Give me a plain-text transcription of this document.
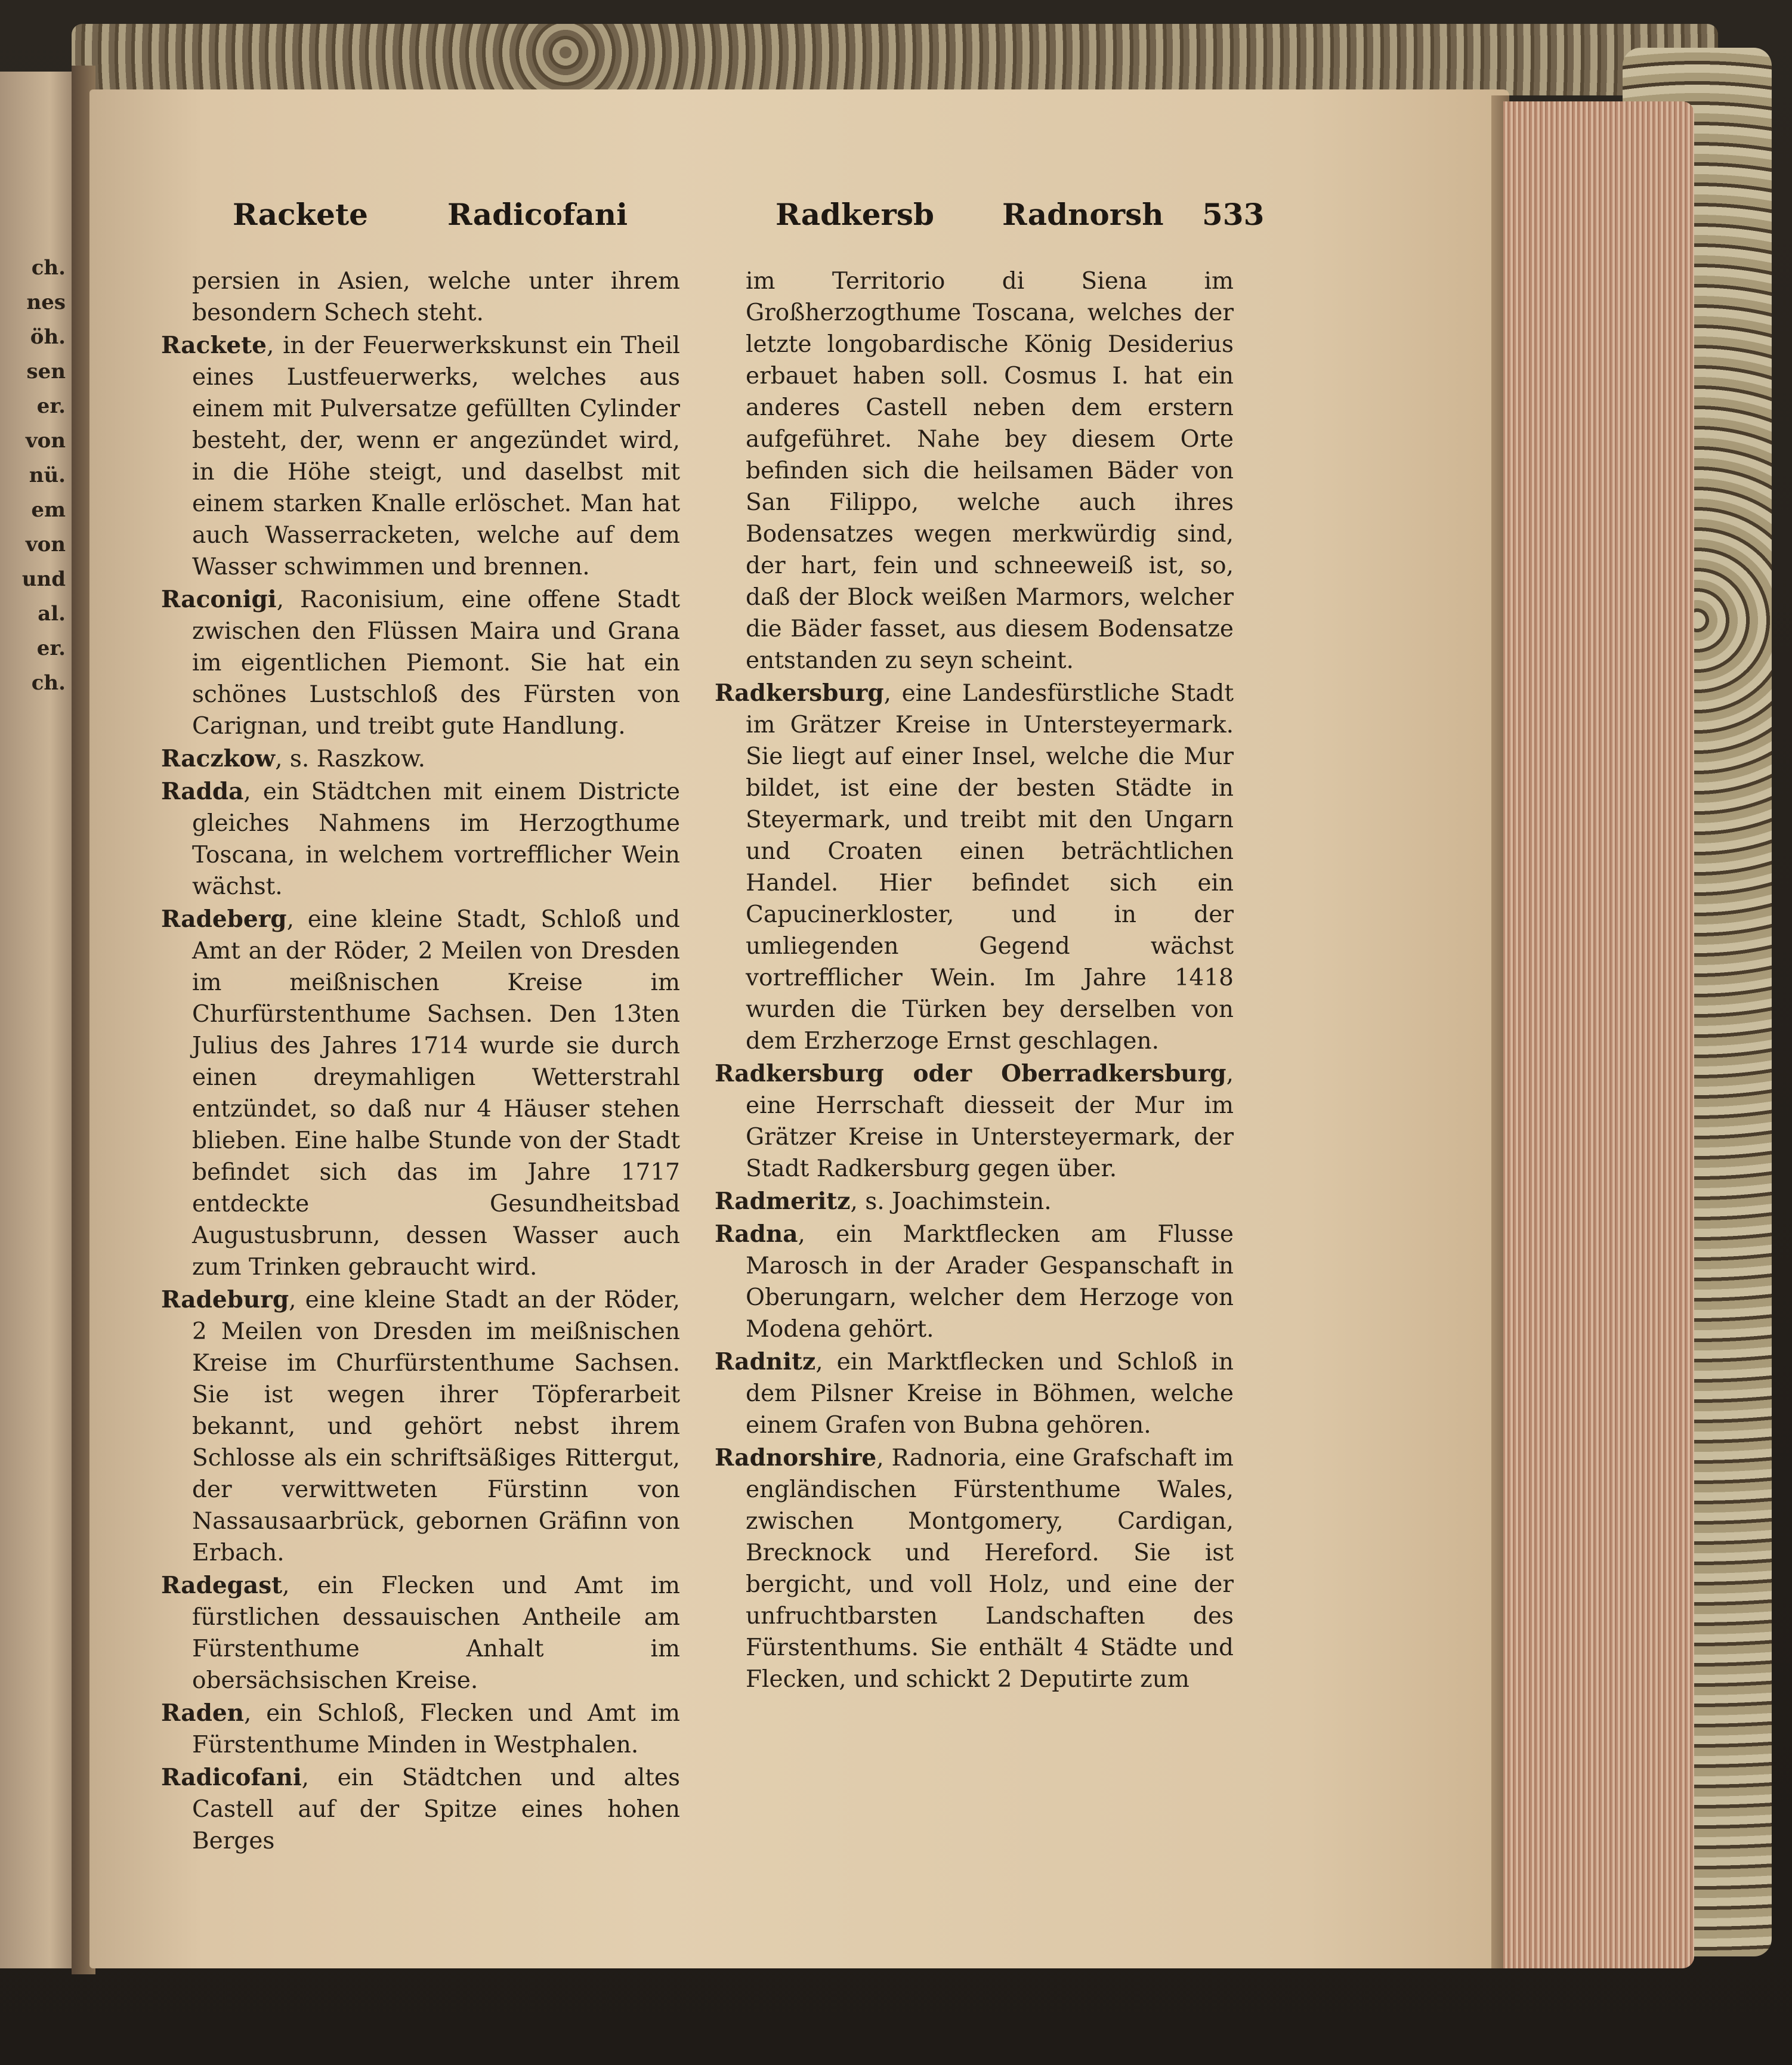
ch.
nes
öh.
sen
er.
von
nü.
em
von
und
al.
er.
ch.
Rackete	Radicofani	Radkersb Radnorsh 533
persien in Asien, welche unter ihrem besondern Schech steht.
Rackete, in der Feuerwerkskunst ein Theil eines Lustfeuerwerks, welches aus einem mit Pulversatze gefüllten Cylinder besteht, der, wenn er angezündet wird, in die Höhe steigt, und daselbst mit einem starken Knalle erlöschet. Man hat auch Wasserracketen, welche auf dem Wasser schwimmen und brennen.
Raconigi, Raconisium, eine offene Stadt zwischen den Flüssen Maira und Grana im eigentlichen Piemont. Sie hat ein schönes Lustschloß des Fürsten von Carignan, und treibt gute Handlung.
Raczkow, s. Raszkow.
Radda, ein Städtchen mit einem Districte gleiches Nahmens im Herzogthume Toscana, in welchem vortrefflicher Wein wächst.
Radeberg, eine kleine Stadt, Schloß und Amt an der Röder, 2 Meilen von Dresden im meißnischen Kreise im Churfürstenthume Sachsen. Den 13ten Julius des Jahres 1714 wurde sie durch einen dreymahligen Wetterstrahl entzündet, so daß nur 4 Häuser stehen blieben. Eine halbe Stunde von der Stadt befindet sich das im Jahre 1717 entdeckte Gesundheitsbad Augustusbrunn, dessen Wasser auch zum Trinken gebraucht wird.
Radeburg, eine kleine Stadt an der Röder, 2 Meilen von Dresden im meißnischen Kreise im Churfürstenthume Sachsen. Sie ist wegen ihrer Töpferarbeit bekannt, und gehört nebst ihrem Schlosse als ein schriftsäßiges Rittergut, der verwittweten Fürstinn von Nassausaarbrück, gebornen Gräfinn von Erbach.
Radegast, ein Flecken und Amt im fürstlichen dessauischen Antheile am Fürstenthume Anhalt im obersächsischen Kreise.
Raden, ein Schloß, Flecken und Amt im Fürstenthume Minden in Westphalen.
Radicofani, ein Städtchen und altes Castell auf der Spitze eines hohen Berges
im Territorio di Siena im Großherzogthume Toscana, welches der letzte longobardische König Desiderius erbauet haben soll. Cosmus I. hat ein anderes Castell neben dem erstern aufgeführet. Nahe bey diesem Orte befinden sich die heilsamen Bäder von San Filippo, welche auch ihres Bodensatzes wegen merkwürdig sind, der hart, fein und schneeweiß ist, so, daß der Block weißen Marmors, welcher die Bäder fasset, aus diesem Bodensatze entstanden zu seyn scheint.
Radkersburg, eine Landesfürstliche Stadt im Grätzer Kreise in Untersteyermark. Sie liegt auf einer Insel, welche die Mur bildet, ist eine der besten Städte in Steyermark, und treibt mit den Ungarn und Croaten einen beträchtlichen Handel. Hier befindet sich ein Capucinerkloster, und in der umliegenden Gegend wächst vortrefflicher Wein. Im Jahre 1418 wurden die Türken bey derselben von dem Erzherzoge Ernst geschlagen.
Radkersburg oder Oberradkersburg, eine Herrschaft diesseit der Mur im Grätzer Kreise in Untersteyermark, der Stadt Radkersburg gegen über.
Radmeritz, s. Joachimstein.
Radna, ein Marktflecken am Flusse Marosch in der Arader Gespanschaft in Oberungarn, welcher dem Herzoge von Modena gehört.
Radnitz, ein Marktflecken und Schloß in dem Pilsner Kreise in Böhmen, welche einem Grafen von Bubna gehören.
Radnorshire, Radnoria, eine Grafschaft im engländischen Fürstenthume Wales, zwischen Montgomery, Cardigan, Brecknock und Hereford. Sie ist bergicht, und voll Holz, und eine der unfruchtbarsten Landschaften des Fürstenthums. Sie enthält 4 Städte und Flecken, und schickt 2 Deputirte zum
